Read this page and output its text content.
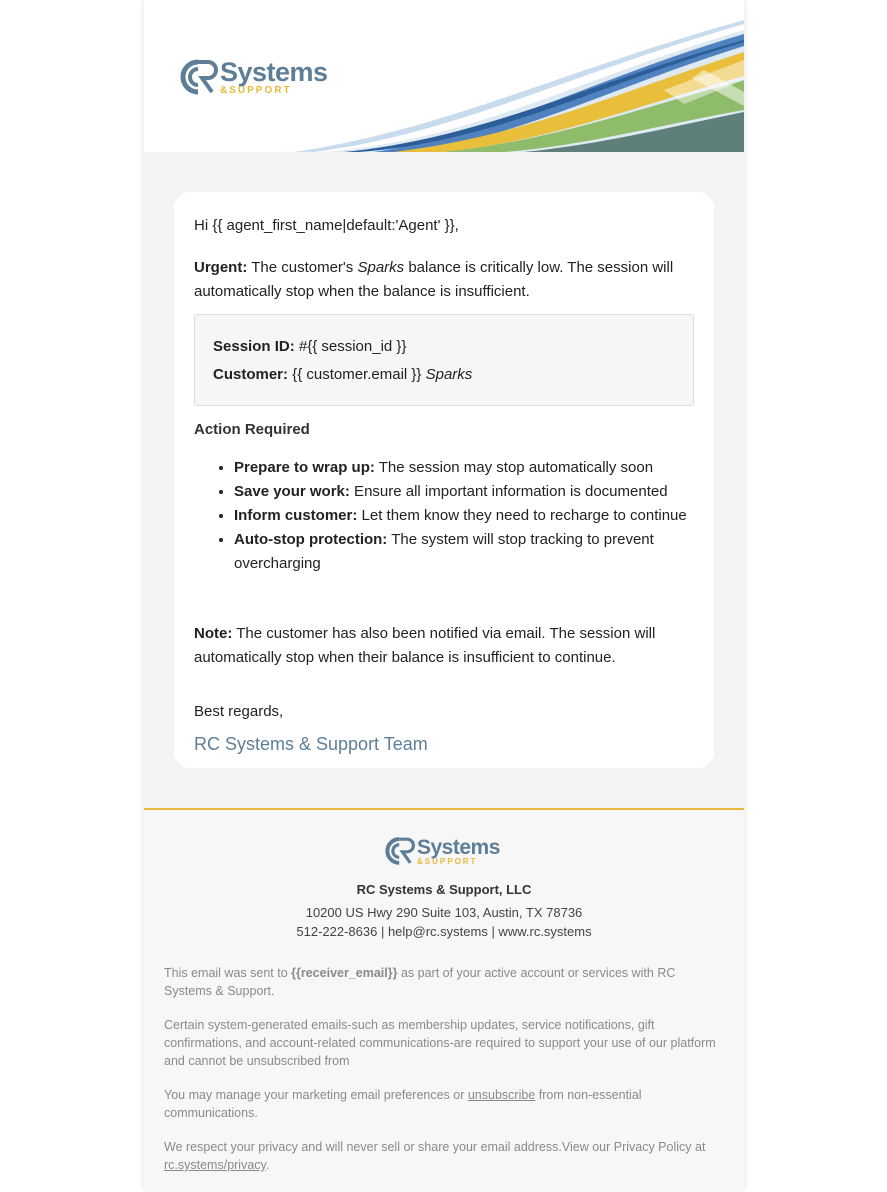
Systems
&SUPPORT

Hi {{ agent_first_name|default:'Agent' }},

Urgent: The customer's Sparks balance is critically low. The session will automatically stop when the balance is insufficient.

Session ID: #{{ session_id }}
Customer: {{ customer.email }} Sparks

Action Required

• Prepare to wrap up: The session may stop automatically soon
• Save your work: Ensure all important information is documented
• Inform customer: Let them know they need to recharge to continue
• Auto-stop protection: The system will stop tracking to prevent overcharging

Note: The customer has also been notified via email. The session will automatically stop when their balance is insufficient to continue.

Best regards,

RC Systems & Support Team

Systems
&SUPPORT
RC Systems & Support, LLC
10200 US Hwy 290 Suite 103, Austin, TX 78736
512-222-8636 | help@rc.systems | www.rc.systems

This email was sent to {{receiver_email}} as part of your active account or services with RC Systems & Support.

Certain system-generated emails-such as membership updates, service notifications, gift confirmations, and account-related communications-are required to support your use of our platform and cannot be unsubscribed from

You may manage your marketing email preferences or unsubscribe from non-essential communications.

We respect your privacy and will never sell or share your email address.View our Privacy Policy at rc.systems/privacy.
